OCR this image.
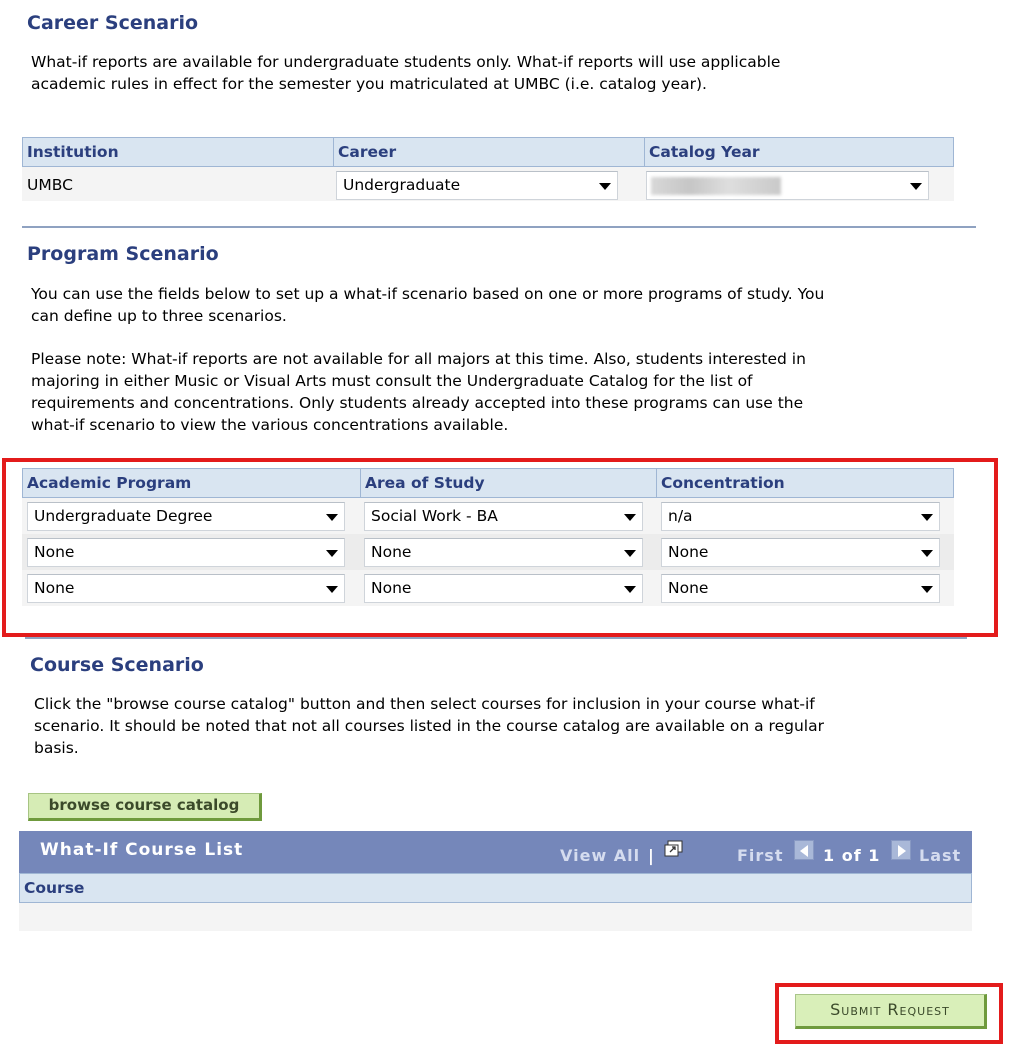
Career Scenario
What-if reports are available for undergraduate students only. What-if reports will use applicable academic rules in effect for the semester you matriculated at UMBC (i.e. catalog year).
Institution	Career	Catalog Year
UMBC	Undergraduate
Program Scenario
You can use the fields below to set up a what-if scenario based on one or more programs of study. You can define up to three scenarios.
Please note: What-if reports are not available for all majors at this time. Also, students interested in majoring in either Music or Visual Arts must consult the Undergraduate Catalog for the list of requirements and concentrations. Only students already accepted into these programs can use the what-if scenario to view the various concentrations available.
Academic Program	Area of Study	Concentration
Undergraduate Degree	Social Work - BA	n/a
None	None	None
None	None	None
Course Scenario
Click the "browse course catalog" button and then select courses for inclusion in your course what-if scenario. It should be noted that not all courses listed in the course catalog are available on a regular basis.
browse course catalog
What-If Course List	View All |	First 1 of 1 Last
Course
Submit Request
